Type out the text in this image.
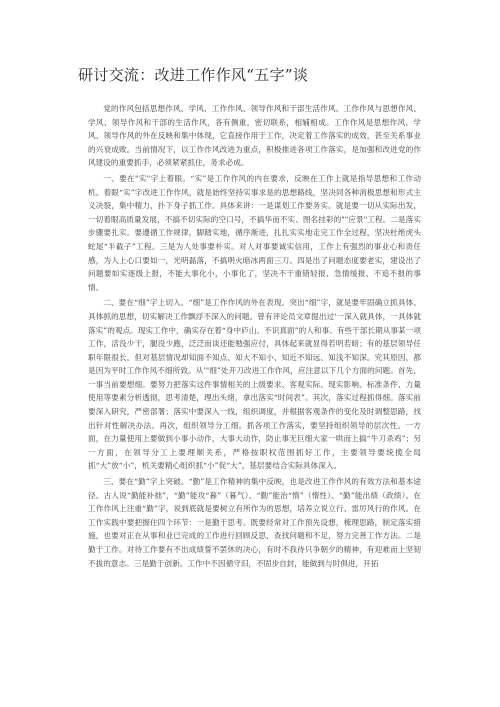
研讨交流：改进工作作风“五字”谈

党的作风包括思想作风、学风、工作作风、领导作风和干部生活作风。工作作风与思想作风、学风、领导作风和干部的生活作风，各有侧重，密切联系，相辅相成。工作作风是思想作风、学风、领导作风的外在反映和集中体现，它直接作用于工作，决定着工作落实的成效，甚至关系事业的兴衰成败。当前情况下，以工作作风改进为重点，积极推进各项工作落实，是加强和改进党的作风建设的重要抓手，必须紧紧抓住，务求必成。

一、要在"实"字上着眼。“实”是工作作风的内在要求，反映在工作上就是指导思想和工作动机。着眼“实”字改进工作作风，就是始终坚持实事求是的思想路线，坚决同各种消极思想和形式主义决裂，集中精力，扑下身子抓工作。具体来讲：一是谋划工作要务实。就是要一切从实际出发，一切着眼高质量发展，不搞不切实际的空口号，不搞华而不实、图名挂彩的""应景"工程。二是落实步骤要扎实。要遵循工作规律，脚踏实地，循序渐进，扎扎实实地走完工作全过程，坚决杜绝虎头蛇尾“半截子”工程。三是为人处事要朴实。对人对事要诚实信用，工作上有强烈的事业心和责任感，为人上心口要如一，光明磊落，不搞明火暗冰两面三刀。四是出了问题态度要老实，建设出了问题要如实逐级上报，不能大事化小，小事化了，坚决不干重错轻报、急情缓报、不追不报的事情。

二、要在“细”字上切入。“细”是工作作风的外在表现。突出“细”字，就是要牢固确立抓具体、具体抓的思想，切实解决工作飘浮不深入的问题。曾有评论员文章提出过'一深入就具体，一具体就落实”的观点。现实工作中，确实存在着“身中庐山、不识真面”的人和事。有些干部长期从事某一项工作，活没少干，腿没少跑，泛泛而谈还能勉强应付，具体起来就显得若明若暗；有的基层领导任职年限很长，但对基层情况却知面不知点、知大不知小、知近不知远、知浅不知深。究其原因，都是因为平时工作作风不细所致。从'"细”处开刀改进工作作风，应注意以下几个方面的问题。首先，一事当前要想细。要努力把落实这件事情相关的上级要求、客观实际、现实影响、标准条件、力量使用等要素分析透彻，思考清楚，理出头绪，拿出落实“时间表”。其次，落实过程抓得细。落实前要深入研究，严密部署；落实中要深入一线，组织调度，并根据客观条件的变化及时调整思路，找出针对性解决办法。再次，组织领导分工细。抓各项工作落实，要坚持组织领导的层次性。一方面，在力量使用上要做到小事小动作，大事大动作，防止事无巨细大家一哄而上搞“牛刀杀鸡”；另一方面，在领导分工上要理顺关系，严格按职权范围抓好工作，主要领导要统揽全局抓“大”放“小”，机关要精心组织抓“小”促“大”，基层要结合实际具体深入。

三、要在“勤”字上突破。“勤”是工作精神的集中反映，也是改进工作作风的有效方法和基本途径。古人说“勤能补拙”，“勤”能攻“暮”（暮气）、“勤”能治“惰”（惰性）、“勤”能出绩（政绩）。在工作作风上注重“勤”字，说到底就是要树立有所作为的思想，培养立说立行、雷厉风行的作风。在工作实践中要把握住四个环节：一是勤于思考。既要经常对工作预先设想，梳理思路，制定落实措施，也要对正在从事和业已完成的工作进行回顾反思，查找问题和不足，努力完善工作方法。二是勤于工作。对待工作要有不出成绩誓不罢休的决心，有时不我待只争朝夕的精神，有迎难而上坚韧不拔的意志。三是勤于创新。工作中不因循守旧，不固步自封，能做到与时俱进，开拓
